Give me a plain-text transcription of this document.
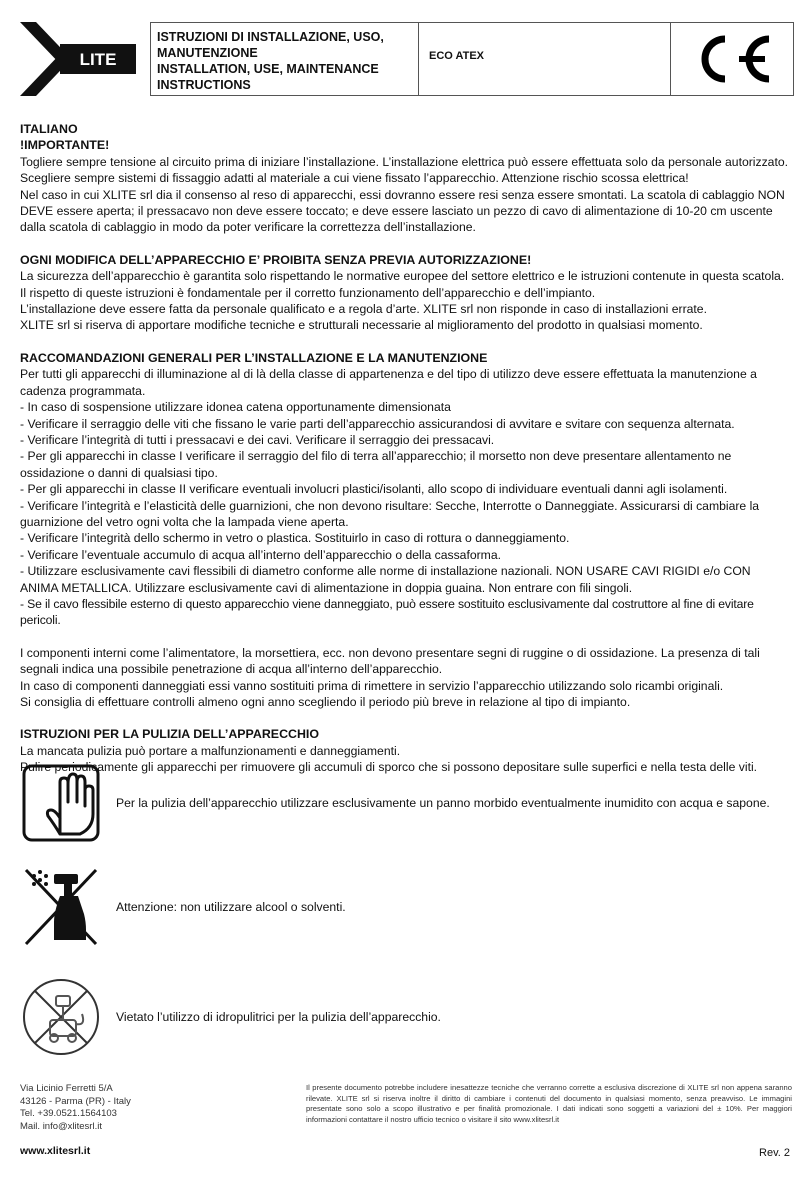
LITE
ISTRUZIONI DI INSTALLAZIONE, USO,
MANUTENZIONE
INSTALLATION, USE, MAINTENANCE
INSTRUCTIONS
ECO ATEX

ITALIANO

!IMPORTANTE!

Togliere sempre tensione al circuito prima di iniziare l’installazione. L’installazione elettrica può essere effettuata solo da personale autorizzato.

Scegliere sempre sistemi di fissaggio adatti al materiale a cui viene fissato l’apparecchio. Attenzione rischio scossa elettrica!

Nel caso in cui XLITE srl dia il consenso al reso di apparecchi, essi dovranno essere resi senza essere smontati. La scatola di cablaggio NON

DEVE essere aperta; il pressacavo non deve essere toccato; e deve essere lasciato un pezzo di cavo di alimentazione di 10-20 cm uscente

dalla scatola di cablaggio in modo da poter verificare la correttezza dell’installazione.

OGNI MODIFICA DELL’APPARECCHIO E’ PROIBITA SENZA PREVIA AUTORIZZAZIONE!

La sicurezza dell’apparecchio è garantita solo rispettando le normative europee del settore elettrico e le istruzioni contenute in questa scatola.

Il rispetto di queste istruzioni è fondamentale per il corretto funzionamento dell’apparecchio e dell’impianto.

L’installazione deve essere fatta da personale qualificato e a regola d’arte. XLITE srl non risponde in caso di installazioni errate.

XLITE srl si riserva di apportare modifiche tecniche e strutturali necessarie al miglioramento del prodotto in qualsiasi momento.

RACCOMANDAZIONI GENERALI PER L’INSTALLAZIONE E LA MANUTENZIONE

Per tutti gli apparecchi di illuminazione al di là della classe di appartenenza e del tipo di utilizzo deve essere effettuata la manutenzione a

cadenza programmata.

- In caso di sospensione utilizzare idonea catena opportunamente dimensionata

- Verificare il serraggio delle viti che fissano le varie parti dell’apparecchio assicurandosi di avvitare e svitare con sequenza alternata.

- Verificare l’integrità di tutti i pressacavi e dei cavi. Verificare il serraggio dei pressacavi.

- Per gli apparecchi in classe I verificare il serraggio del filo di terra all’apparecchio; il morsetto non deve presentare allentamento ne

ossidazione o danni di qualsiasi tipo.

- Per gli apparecchi in classe II verificare eventuali involucri plastici/isolanti, allo scopo di individuare eventuali danni agli isolamenti.

- Verificare l’integrità e l’elasticità delle guarnizioni, che non devono risultare: Secche, Interrotte o Danneggiate. Assicurarsi di cambiare la

guarnizione del vetro ogni volta che la lampada viene aperta.

- Verificare l’integrità dello schermo in vetro o plastica. Sostituirlo in caso di rottura o danneggiamento.

- Verificare l’eventuale accumulo di acqua all’interno dell’apparecchio o della cassaforma.

- Utilizzare esclusivamente cavi flessibili di diametro conforme alle norme di installazione nazionali. NON USARE CAVI RIGIDI e/o CON

ANIMA METALLICA. Utilizzare esclusivamente cavi di alimentazione in doppia guaina. Non entrare con fili singoli.

- Se il cavo flessibile esterno di questo apparecchio viene danneggiato, può essere sostituito esclusivamente dal costruttore al fine di evitare pericoli.

I componenti interni come l’alimentatore, la morsettiera, ecc. non devono presentare segni di ruggine o di ossidazione. La presenza di tali

segnali indica una possibile penetrazione di acqua all’interno dell’apparecchio.

In caso di componenti danneggiati essi vanno sostituiti prima di rimettere in servizio l’apparecchio utilizzando solo ricambi originali.

Si consiglia di effettuare controlli almeno ogni anno scegliendo il periodo più breve in relazione al tipo di impianto.

ISTRUZIONI PER LA PULIZIA DELL’APPARECCHIO

La mancata pulizia può portare a malfunzionamenti e danneggiamenti.

Pulire periodicamente gli apparecchi per rimuovere gli accumuli di sporco che si possono depositare sulle superfici e nella testa delle viti.

Per la pulizia dell’apparecchio utilizzare esclusivamente un panno morbido eventualmente inumidito con acqua e sapone.
Attenzione: non utilizzare alcool o solventi.
Vietato l’utilizzo di idropulitrici per la pulizia dell’apparecchio.
Via Licinio Ferretti 5/A
43126 - Parma (PR) - Italy
Tel. +39.0521.1564103
Mail. info@xlitesrl.it
Il presente documento potrebbe includere inesattezze tecniche che verranno corrette a esclusiva discrezione di XLITE srl non appena saranno rilevate. XLITE srl si riserva inoltre il diritto di cambiare i contenuti del documento in qualsiasi momento, senza preavviso. Le immagini presentate sono solo a scopo illustrativo e per finalità promozionale. I dati indicati sono soggetti a variazioni del ± 10%. Per maggiori informazioni contattare il nostro ufficio tecnico o visitare il sito www.xlitesrl.it
www.xlitesrl.it	Rev. 2
